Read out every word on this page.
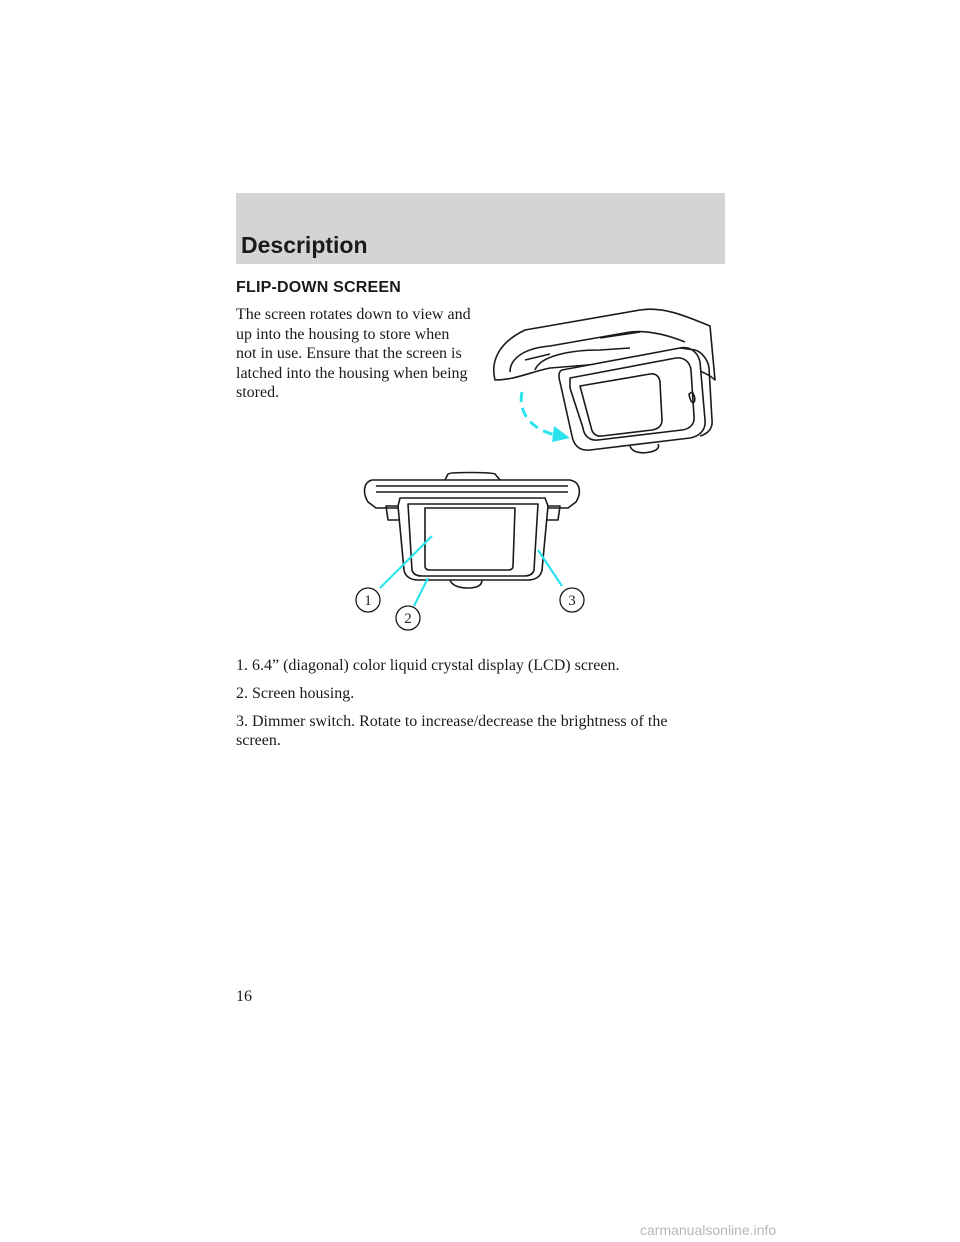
Description
FLIP-DOWN SCREEN

The screen rotates down to view and up into the housing to store when not in use. Ensure that the screen is latched into the housing when being stored.

1
2
3
1. 6.4” (diagonal) color liquid crystal display (LCD) screen.
2. Screen housing.
3. Dimmer switch. Rotate to increase/decrease the brightness of the screen.

16

carmanualsonline.info
